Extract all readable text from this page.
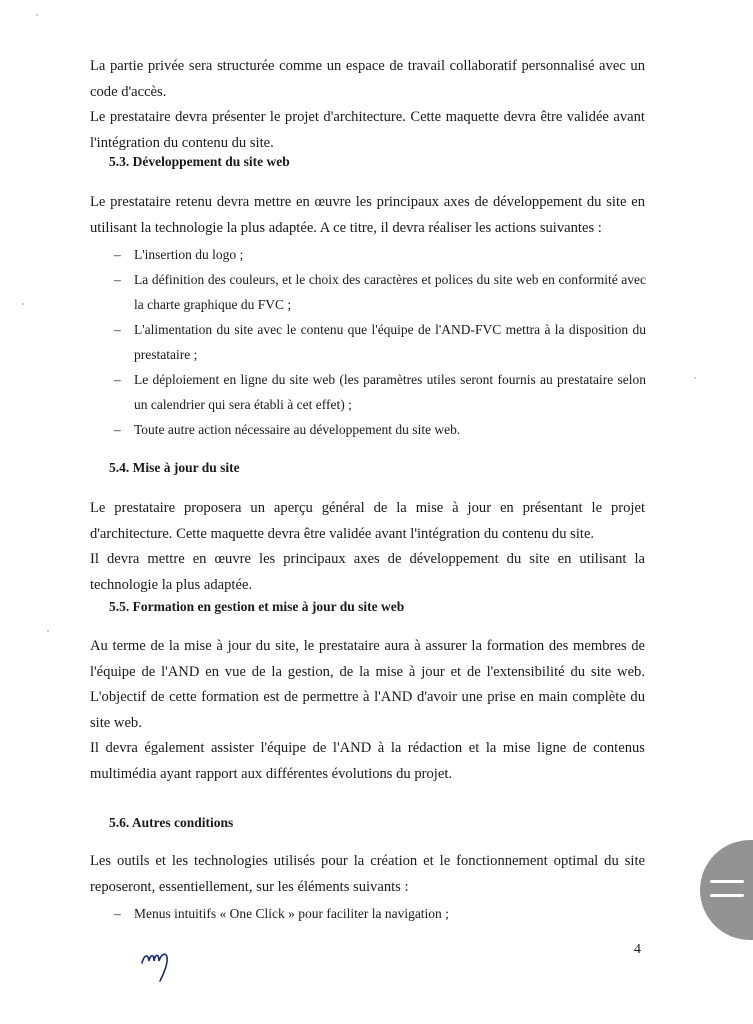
La partie privée sera structurée comme un espace de travail collaboratif personnalisé avec un code d'accès.

Le prestataire devra présenter le projet d'architecture. Cette maquette devra être validée avant l'intégration du contenu du site.

5.3. Développement du site web

Le prestataire retenu devra mettre en œuvre les principaux axes de développement du site en utilisant la technologie la plus adaptée. A ce titre, il devra réaliser les actions suivantes :

– L'insertion du logo ;
– La définition des couleurs, et le choix des caractères et polices du site web en conformité avec la charte graphique du FVC ;
– L'alimentation du site avec le contenu que l'équipe de l'AND-FVC mettra à la disposition du prestataire ;
– Le déploiement en ligne du site web (les paramètres utiles seront fournis au prestataire selon un calendrier qui sera établi à cet effet) ;
– Toute autre action nécessaire au développement du site web.
5.4. Mise à jour du site

Le prestataire proposera un aperçu général de la mise à jour en présentant le projet d'architecture. Cette maquette devra être validée avant l'intégration du contenu du site.

Il devra mettre en œuvre les principaux axes de développement du site en utilisant la technologie la plus adaptée.

5.5. Formation en gestion et mise à jour du site web

Au terme de la mise à jour du site, le prestataire aura à assurer la formation des membres de l'équipe de l'AND en vue de la gestion, de la mise à jour et de l'extensibilité du site web. L'objectif de cette formation est de permettre à l'AND d'avoir une prise en main complète du site web.

Il devra également assister l'équipe de l'AND à la rédaction et la mise ligne de contenus multimédia ayant rapport aux différentes évolutions du projet.

5.6. Autres conditions

Les outils et les technologies utilisés pour la création et le fonctionnement optimal du site reposeront, essentiellement, sur les éléments suivants :

– Menus intuitifs « One Click » pour faciliter la navigation ;
4
